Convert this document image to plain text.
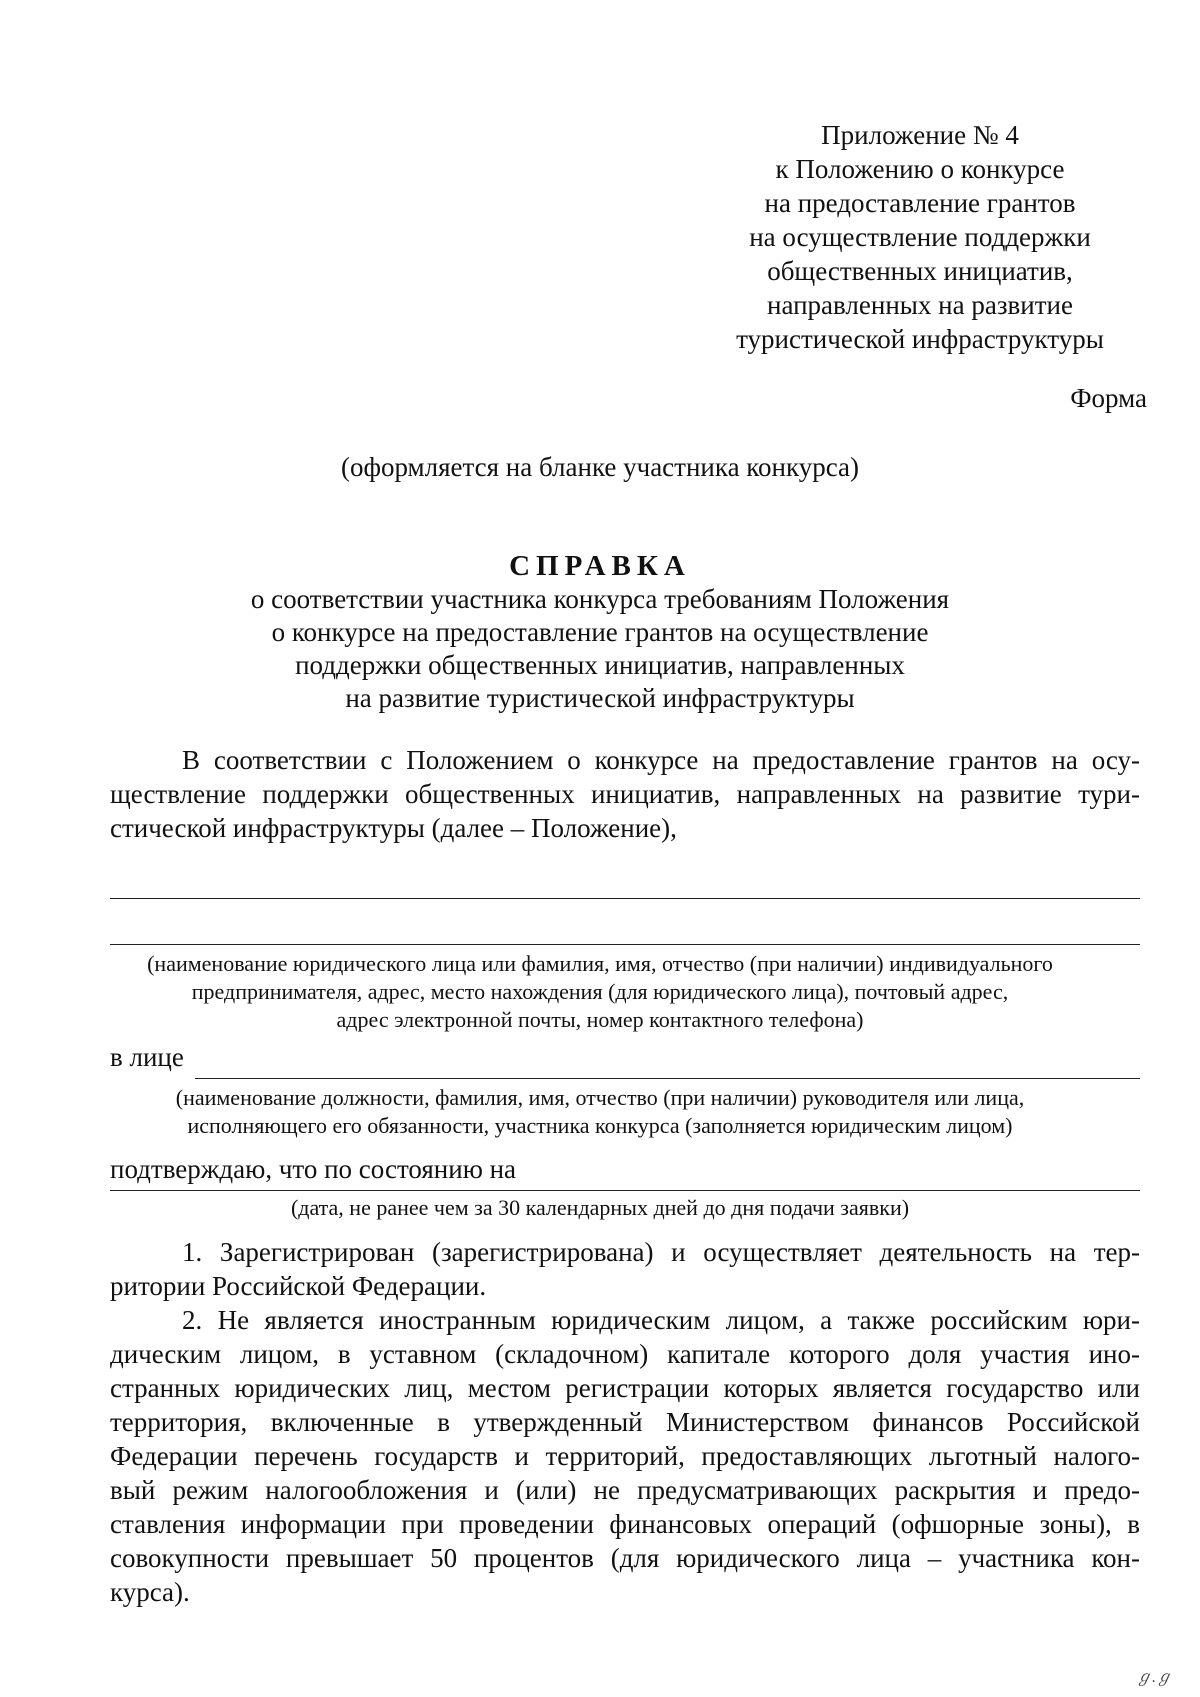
Приложение № 4
к Положению о конкурсе
на предоставление грантов
на осуществление поддержки
общественных инициатив,
направленных на развитие
туристической инфраструктуры
Форма
(оформляется на бланке участника конкурса)
СПРАВКА
о соответствии участника конкурса требованиям Положения
о конкурсе на предоставление грантов на осуществление
поддержки общественных инициатив, направленных
на развитие туристической инфраструктуры
В соответствии с Положением о конкурсе на предоставление грантов на осу-
ществление поддержки общественных инициатив, направленных на развитие тури-
стической инфраструктуры (далее – Положение),
(наименование юридического лица или фамилия, имя, отчество (при наличии) индивидуального
предпринимателя, адрес, место нахождения (для юридического лица), почтовый адрес,
адрес электронной почты, номер контактного телефона)
в лице
(наименование должности, фамилия, имя, отчество (при наличии) руководителя или лица,
исполняющего его обязанности, участника конкурса (заполняется юридическим лицом)
подтверждаю, что по состоянию на
(дата, не ранее чем за 30 календарных дней до дня подачи заявки)
1. Зарегистрирован (зарегистрирована) и осуществляет деятельность на тер-
ритории Российской Федерации.
2. Не является иностранным юридическим лицом, а также российским юри-
дическим лицом, в уставном (складочном) капитале которого доля участия ино-
странных юридических лиц, местом регистрации которых является государство или
территория, включенные в утвержденный Министерством финансов Российской
Федерации перечень государств и территорий, предоставляющих льготный налого-
вый режим налогообложения и (или) не предусматривающих раскрытия и предо-
ставления информации при проведении финансовых операций (офшорные зоны), в
совокупности превышает 50 процентов (для юридического лица – участника кон-
курса).
ℊ.ℊ
